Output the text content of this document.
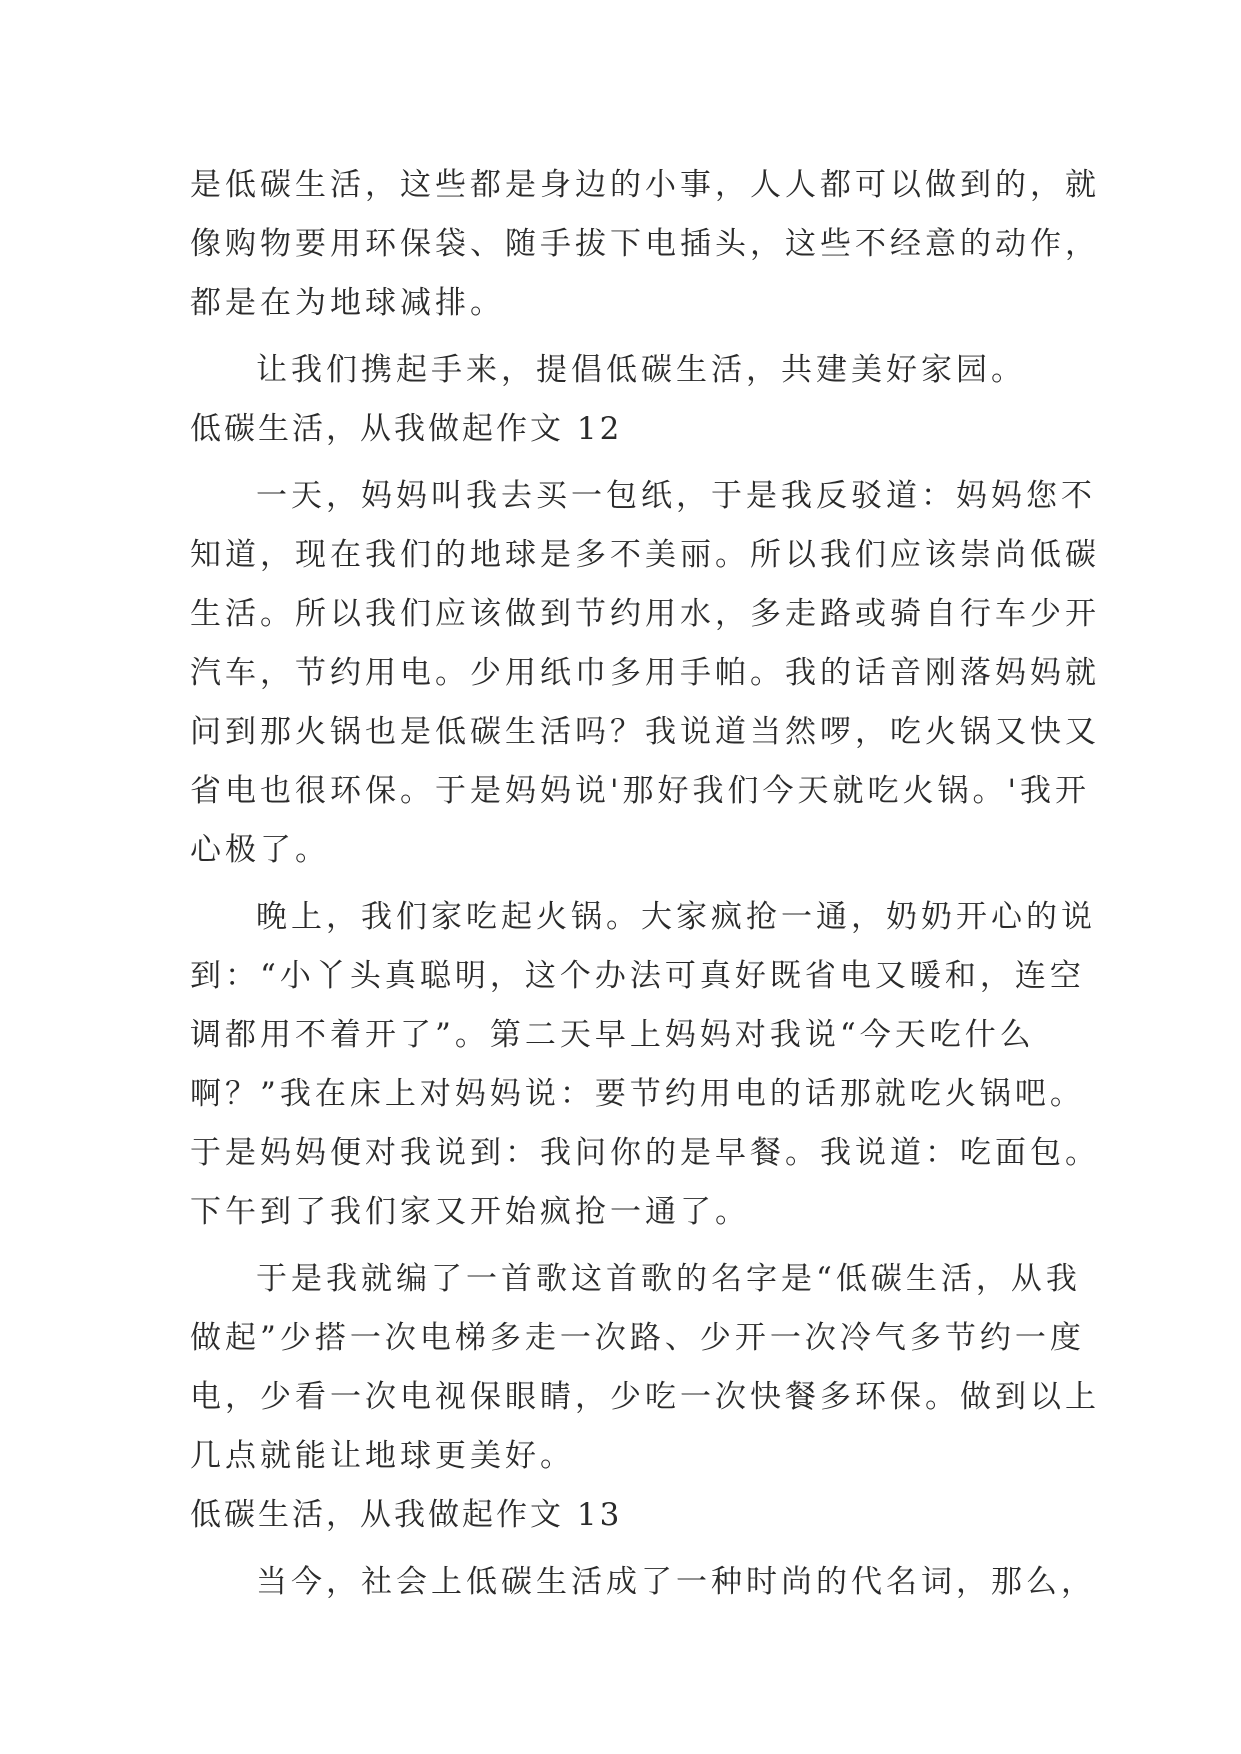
是低碳生活，这些都是身边的小事，人人都可以做到的，就
像购物要用环保袋、随手拔下电插头，这些不经意的动作，
都是在为地球减排。
让我们携起手来，提倡低碳生活，共建美好家园。
低碳生活，从我做起作文 12
一天，妈妈叫我去买一包纸，于是我反驳道：妈妈您不
知道，现在我们的地球是多不美丽。所以我们应该崇尚低碳
生活。所以我们应该做到节约用水，多走路或骑自行车少开
汽车，节约用电。少用纸巾多用手帕。我的话音刚落妈妈就
问到那火锅也是低碳生活吗？我说道当然啰，吃火锅又快又
省电也很环保。于是妈妈说'那好我们今天就吃火锅。'我开
心极了。
晚上，我们家吃起火锅。大家疯抢一通，奶奶开心的说
到：“小丫头真聪明，这个办法可真好既省电又暖和，连空
调都用不着开了”。第二天早上妈妈对我说“今天吃什么
啊？”我在床上对妈妈说：要节约用电的话那就吃火锅吧。
于是妈妈便对我说到：我问你的是早餐。我说道：吃面包。
下午到了我们家又开始疯抢一通了。
于是我就编了一首歌这首歌的名字是“低碳生活，从我
做起”少搭一次电梯多走一次路、少开一次冷气多节约一度
电，少看一次电视保眼睛，少吃一次快餐多环保。做到以上
几点就能让地球更美好。
低碳生活，从我做起作文 13
当今，社会上低碳生活成了一种时尚的代名词，那么，
